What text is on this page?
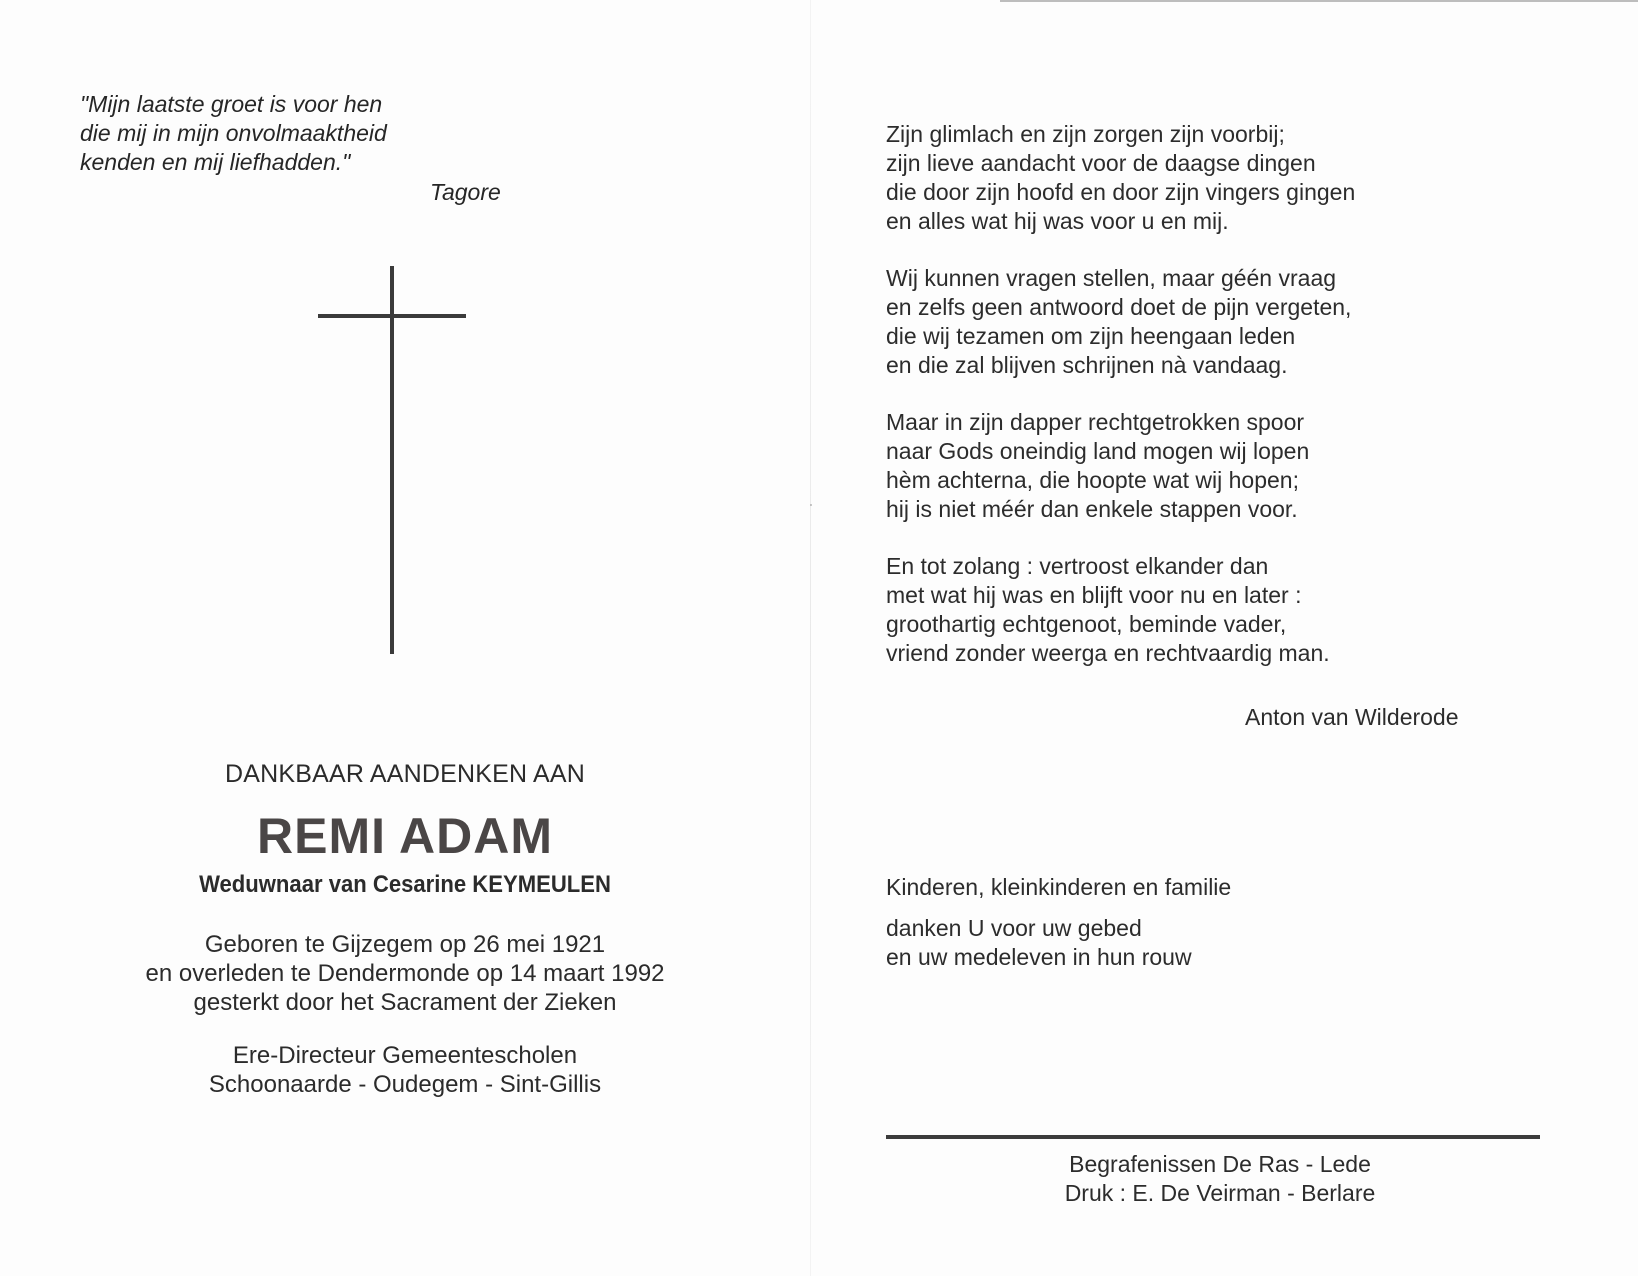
"Mijn laatste groet is voor hen
die mij in mijn onvolmaaktheid
kenden en mij liefhadden."
Tagore
DANKBAAR AANDENKEN AAN
REMI ADAM
Weduwnaar van Cesarine KEYMEULEN
Geboren te Gijzegem op 26 mei 1921
en overleden te Dendermonde op 14 maart 1992
gesterkt door het Sacrament der Zieken
Ere-Directeur Gemeentescholen
Schoonaarde - Oudegem - Sint-Gillis
Zijn glimlach en zijn zorgen zijn voorbij;
zijn lieve aandacht voor de daagse dingen
die door zijn hoofd en door zijn vingers gingen
en alles wat hij was voor u en mij.
Wij kunnen vragen stellen, maar géén vraag
en zelfs geen antwoord doet de pijn vergeten,
die wij tezamen om zijn heengaan leden
en die zal blijven schrijnen nà vandaag.
Maar in zijn dapper rechtgetrokken spoor
naar Gods oneindig land mogen wij lopen
hèm achterna, die hoopte wat wij hopen;
hij is niet méér dan enkele stappen voor.
En tot zolang : vertroost elkander dan
met wat hij was en blijft voor nu en later :
groothartig echtgenoot, beminde vader,
vriend zonder weerga en rechtvaardig man.
Anton van Wilderode
Kinderen, kleinkinderen en familie
danken U voor uw gebed
en uw medeleven in hun rouw
Begrafenissen De Ras - Lede
Druk : E. De Veirman - Berlare
